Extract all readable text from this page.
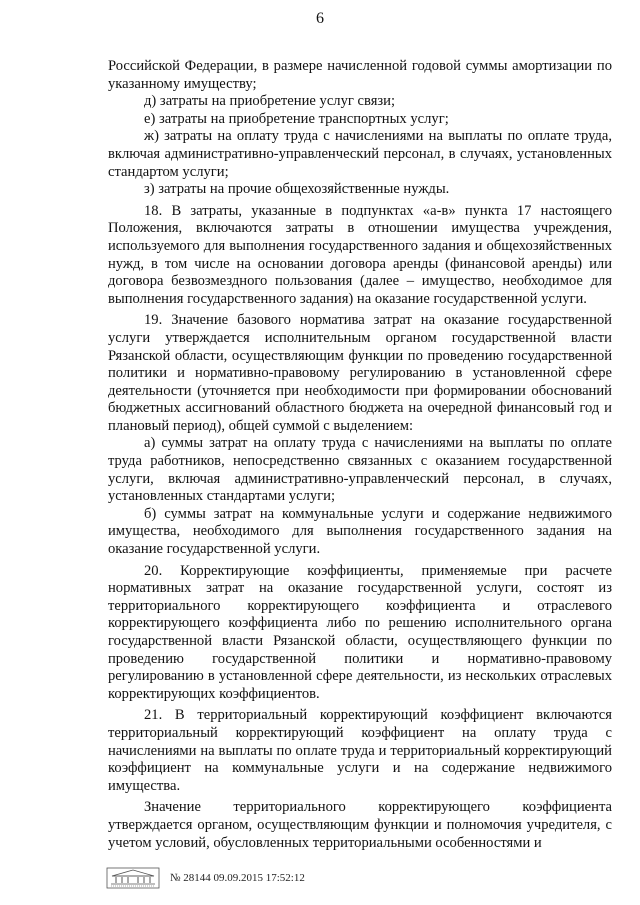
6

Российской Федерации, в размере начисленной годовой суммы амортизации по указанному имуществу;

д) затраты на приобретение услуг связи;

е) затраты на приобретение транспортных услуг;

ж) затраты на оплату труда с начислениями на выплаты по оплате труда, включая административно-управленческий персонал, в случаях, установленных стандартом услуги;

з) затраты на прочие общехозяйственные нужды.

18. В затраты, указанные в подпунктах «а-в» пункта 17 настоящего Положения, включаются затраты в отношении имущества учреждения, используемого для выполнения государственного задания и общехозяйственных нужд, в том числе на основании договора аренды (финансовой аренды) или договора безвозмездного пользования (далее – имущество, необходимое для выполнения государственного задания) на оказание государственной услуги.

19. Значение базового норматива затрат на оказание государственной услуги утверждается исполнительным органом государственной власти Рязанской области, осуществляющим функции по проведению государственной политики и нормативно-правовому регулированию в установленной сфере деятельности (уточняется при необходимости при формировании обоснований бюджетных ассигнований областного бюджета на очередной финансовый год и плановый период), общей суммой с выделением:

а) суммы затрат на оплату труда с начислениями на выплаты по оплате труда работников, непосредственно связанных с оказанием государственной услуги, включая административно-управленческий персонал, в случаях, установленных стандартами услуги;

б) суммы затрат на коммунальные услуги и содержание недвижимого имущества, необходимого для выполнения государственного задания на оказание государственной услуги.

20. Корректирующие коэффициенты, применяемые при расчете нормативных затрат на оказание государственной услуги, состоят из территориального корректирующего коэффициента и отраслевого корректирующего коэффициента либо по решению исполнительного органа государственной власти Рязанской области, осуществляющего функции по проведению государственной политики и нормативно-правовому регулированию в установленной сфере деятельности, из нескольких отраслевых корректирующих коэффициентов.

21. В территориальный корректирующий коэффициент включаются территориальный корректирующий коэффициент на оплату труда с начислениями на выплаты по оплате труда и территориальный корректирующий коэффициент на коммунальные услуги и на содержание недвижимого имущества.

Значение территориального корректирующего коэффициента утверждается органом, осуществляющим функции и полномочия учредителя, с учетом условий, обусловленных территориальными особенностями и

№ 28144 09.09.2015 17:52:12
